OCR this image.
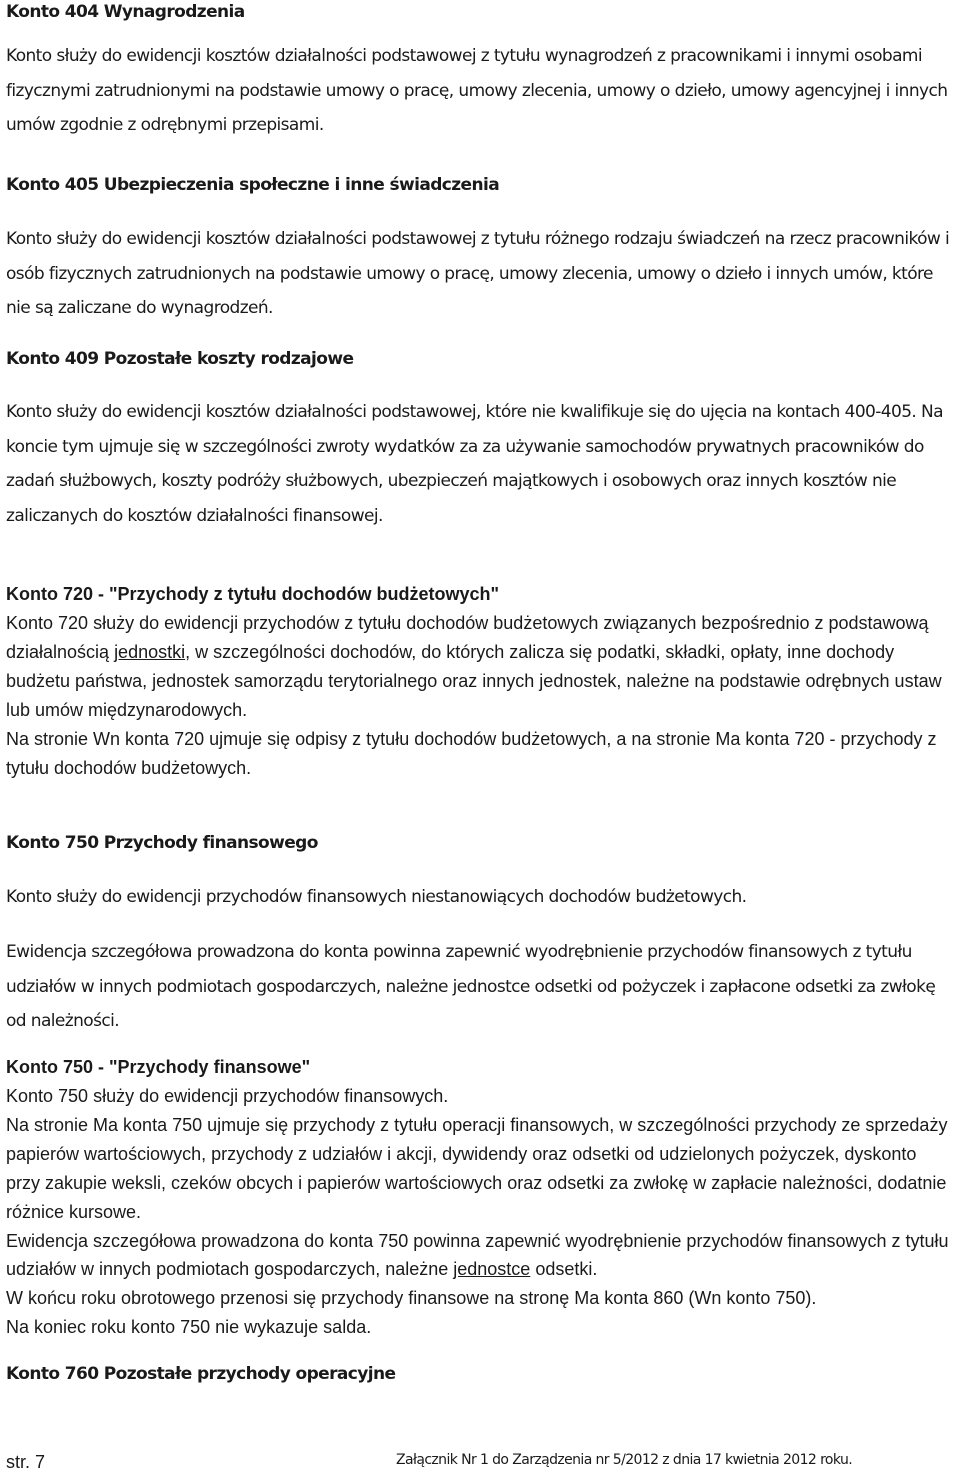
Konto 404 Wynagrodzenia
Konto służy do ewidencji kosztów działalności podstawowej z tytułu wynagrodzeń z pracownikami i innymi osobami fizycznymi zatrudnionymi na podstawie umowy o pracę, umowy zlecenia, umowy o dzieło, umowy agencyjnej i innych umów zgodnie z odrębnymi przepisami.
Konto 405 Ubezpieczenia społeczne i inne świadczenia
Konto służy do ewidencji kosztów działalności podstawowej z tytułu różnego rodzaju świadczeń na rzecz pracowników i osób fizycznych zatrudnionych na podstawie umowy o pracę, umowy zlecenia, umowy o dzieło i innych umów, które nie są zaliczane do wynagrodzeń.
Konto 409 Pozostałe koszty rodzajowe
Konto służy do ewidencji kosztów działalności podstawowej, które nie kwalifikuje się do ujęcia na kontach 400-405. Na koncie tym ujmuje się w szczególności zwroty wydatków za za używanie samochodów prywatnych pracowników do zadań służbowych, koszty podróży służbowych, ubezpieczeń majątkowych i osobowych oraz innych kosztów nie zaliczanych do kosztów działalności finansowej.
Konto 720 - "Przychody z tytułu dochodów budżetowych"
Konto 720 służy do ewidencji przychodów z tytułu dochodów budżetowych związanych bezpośrednio z podstawową działalnością jednostki, w szczególności dochodów, do których zalicza się podatki, składki, opłaty, inne dochody budżetu państwa, jednostek samorządu terytorialnego oraz innych jednostek, należne na podstawie odrębnych ustaw lub umów międzynarodowych.
Na stronie Wn konta 720 ujmuje się odpisy z tytułu dochodów budżetowych, a na stronie Ma konta 720 - przychody z tytułu dochodów budżetowych.
Konto 750 Przychody finansowego
Konto służy do ewidencji przychodów finansowych niestanowiących dochodów budżetowych.
Ewidencja szczegółowa prowadzona do konta powinna zapewnić wyodrębnienie przychodów finansowych z tytułu udziałów w innych podmiotach gospodarczych, należne jednostce odsetki od pożyczek i zapłacone odsetki za zwłokę od należności.
Konto 750 - "Przychody finansowe"
Konto 750 służy do ewidencji przychodów finansowych.
Na stronie Ma konta 750 ujmuje się przychody z tytułu operacji finansowych, w szczególności przychody ze sprzedaży papierów wartościowych, przychody z udziałów i akcji, dywidendy oraz odsetki od udzielonych pożyczek, dyskonto przy zakupie weksli, czeków obcych i papierów wartościowych oraz odsetki za zwłokę w zapłacie należności, dodatnie różnice kursowe.
Ewidencja szczegółowa prowadzona do konta 750 powinna zapewnić wyodrębnienie przychodów finansowych z tytułu udziałów w innych podmiotach gospodarczych, należne jednostce odsetki.
W końcu roku obrotowego przenosi się przychody finansowe na stronę Ma konta 860 (Wn konto 750).
Na koniec roku konto 750 nie wykazuje salda.
Konto 760 Pozostałe przychody operacyjne
str. 7	Załącznik Nr 1 do Zarządzenia nr 5/2012 z dnia 17 kwietnia 2012 roku.
